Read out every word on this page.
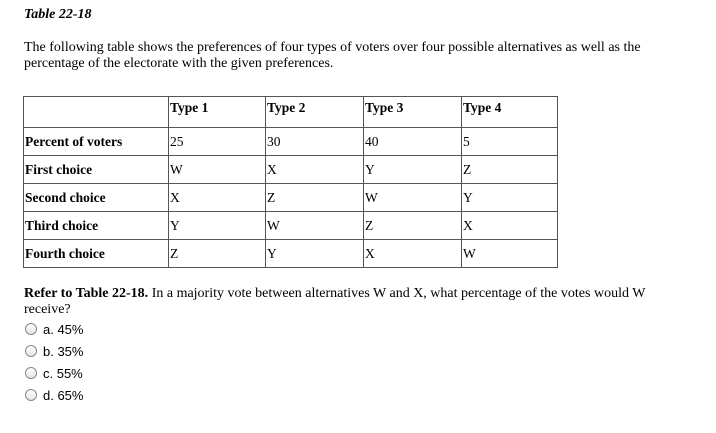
Table 22-18
The following table shows the preferences of four types of voters over four possible alternatives as well as the percentage of the electorate with the given preferences.
	Type 1	Type 2	Type 3	Type 4
Percent of voters	25	30	40	5
First choice	W	X	Y	Z
Second choice	X	Z	W	Y
Third choice	Y	W	Z	X
Fourth choice	Z	Y	X	W
Refer to Table 22-18. In a majority vote between alternatives W and X, what percentage of the votes would W receive?
a. 45%
b. 35%
c. 55%
d. 65%
